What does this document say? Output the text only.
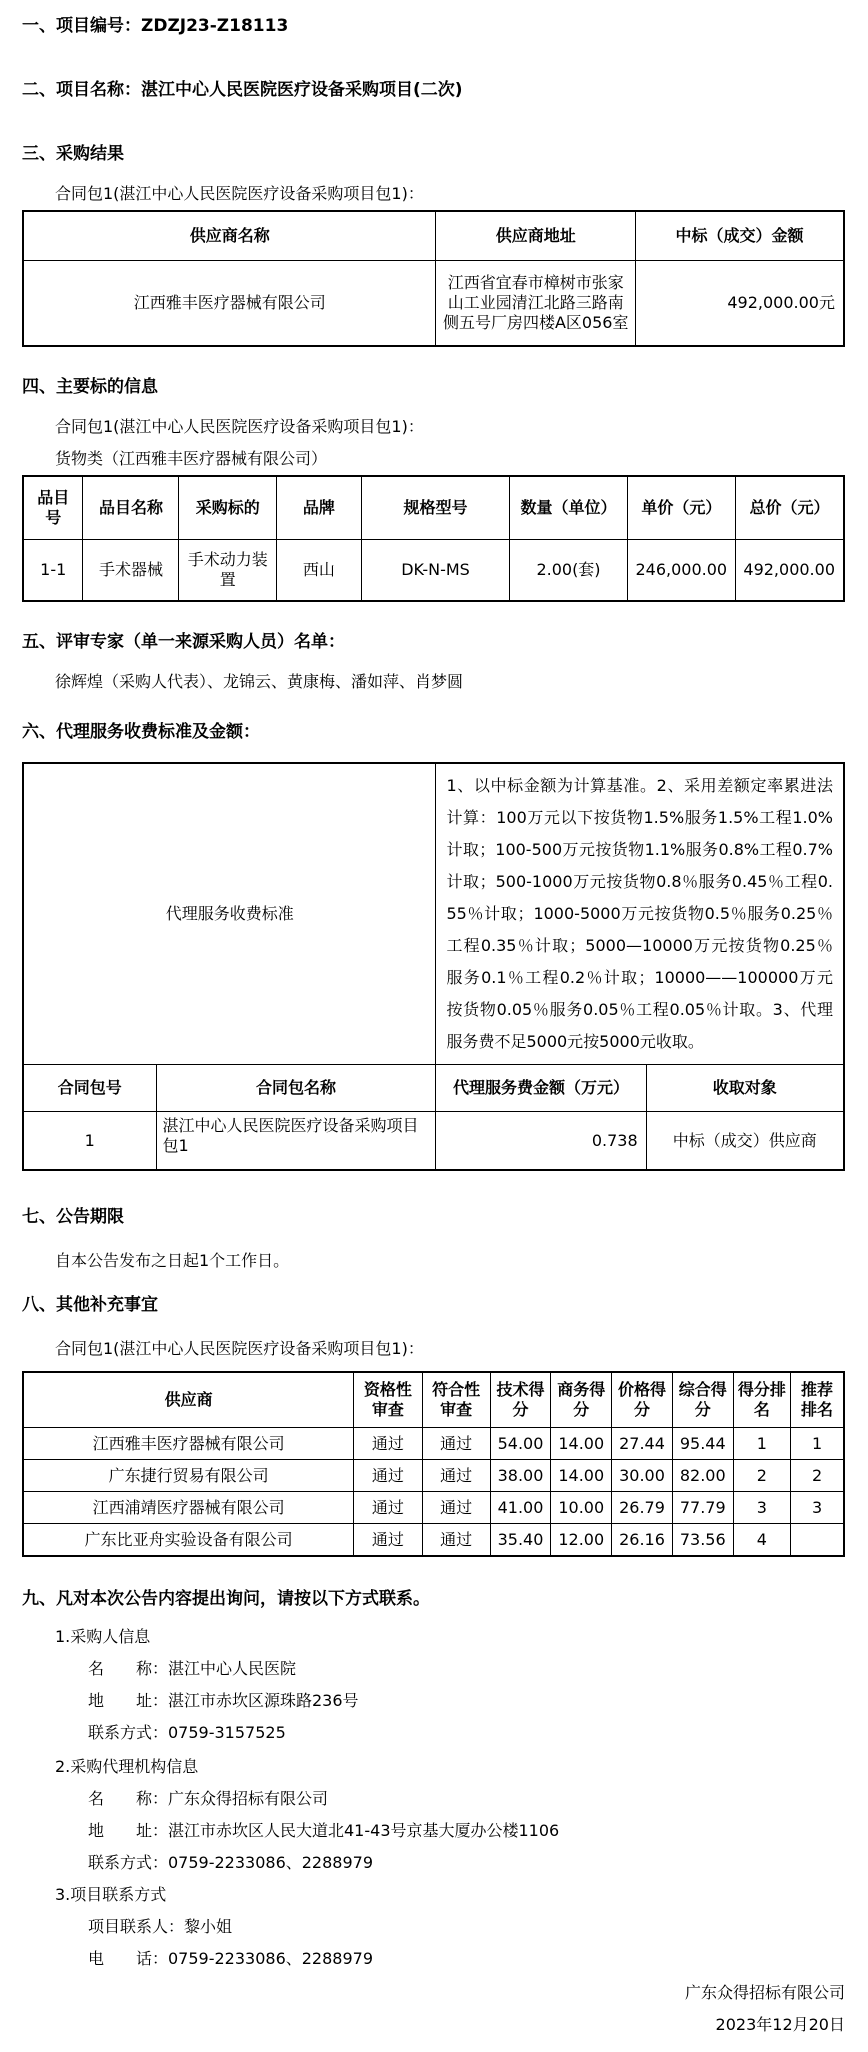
一、项目编号：ZDZJ23-Z18113
二、项目名称：湛江中心人民医院医疗设备采购项目(二次)
三、采购结果
合同包1(湛江中心人民医院医疗设备采购项目包1)：
供应商名称	供应商地址	中标（成交）金额
江西雅丰医疗器械有限公司	江西省宜春市樟树市张家山工业园清江北路三路南侧五号厂房四楼A区056室	492,000.00元
四、主要标的信息
合同包1(湛江中心人民医院医疗设备采购项目包1)：
货物类（江西雅丰医疗器械有限公司）
品目号	品目名称	采购标的	品牌	规格型号	数量（单位）	单价（元）	总价（元）
1-1	手术器械	手术动力装置	西山	DK-N-MS	2.00(套)	246,000.00	492,000.00
五、评审专家（单一来源采购人员）名单：
徐辉煌（采购人代表）、龙锦云、黄康梅、潘如萍、肖梦圆
六、代理服务收费标准及金额：
代理服务收费标准		1、以中标金额为计算基准。2、采用差额定率累进法计算：100万元以下按货物1.5%服务1.5%工程1.0%计取；100-500万元按货物1.1%服务0.8%工程0.7%计取；500-1000万元按货物0.8％服务0.45％工程0.55％计取；1000-5000万元按货物0.5％服务0.25％工程0.35％计取；5000—10000万元按货物0.25％服务0.1％工程0.2％计取；10000——100000万元按货物0.05％服务0.05％工程0.05％计取。3、代理服务费不足5000元按5000元收取。	
合同包号	合同包名称	代理服务费金额（万元）	收取对象
1	湛江中心人民医院医疗设备采购项目包1	0.738	中标（成交）供应商
七、公告期限
自本公告发布之日起1个工作日。
八、其他补充事宜
合同包1(湛江中心人民医院医疗设备采购项目包1)：
供应商	资格性审查	符合性审查	技术得分	商务得分	价格得分	综合得分	得分排名	推荐排名
江西雅丰医疗器械有限公司	通过	通过	54.00	14.00	27.44	95.44	1	1
广东捷行贸易有限公司	通过	通过	38.00	14.00	30.00	82.00	2	2
江西浦靖医疗器械有限公司	通过	通过	41.00	10.00	26.79	77.79	3	3
广东比亚舟实验设备有限公司	通过	通过	35.40	12.00	26.16	73.56	4	
九、凡对本次公告内容提出询问，请按以下方式联系。
1.采购人信息
名　　称：湛江中心人民医院
地　　址：湛江市赤坎区源珠路236号
联系方式：0759-3157525
2.采购代理机构信息
名　　称：广东众得招标有限公司
地　　址：湛江市赤坎区人民大道北41-43号京基大厦办公楼1106
联系方式：0759-2233086、2288979
3.项目联系方式
项目联系人：黎小姐
电　　话：0759-2233086、2288979
广东众得招标有限公司
2023年12月20日
